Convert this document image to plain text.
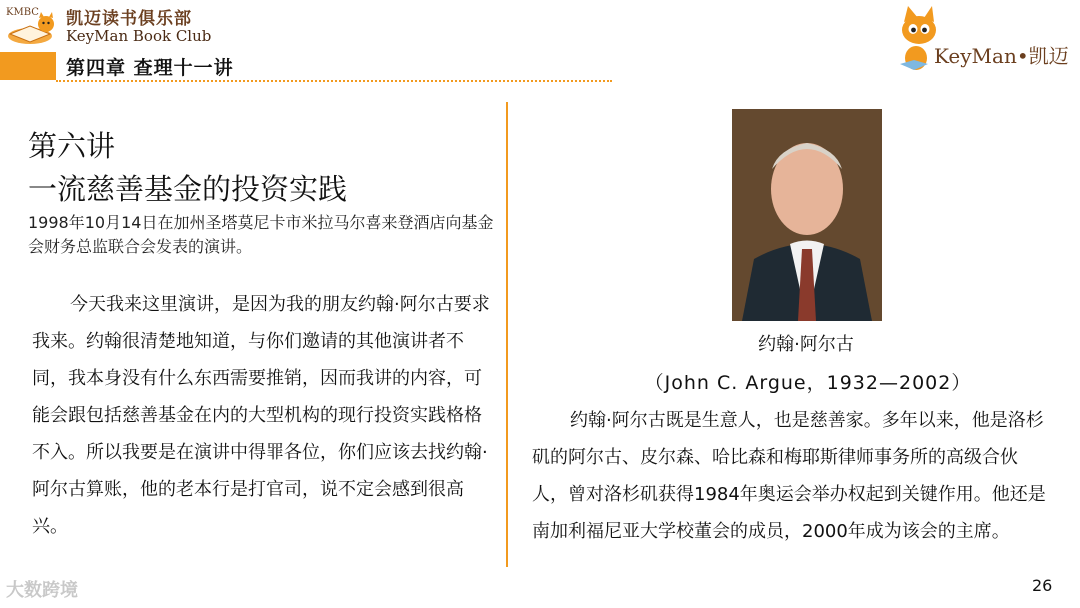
KMBC 凯迈读书俱乐部
KeyMan Book Club
第四章 查理十一讲	KeyMan•凯迈
第六讲
一流慈善基金的投资实践
1998年10月14日在加州圣塔莫尼卡市米拉马尔喜来登酒店向基金会财务总监联合会发表的演讲。

今天我来这里演讲，是因为我的朋友约翰·阿尔古要求我来。约翰很清楚地知道，与你们邀请的其他演讲者不同，我本身没有什么东西需要推销，因而我讲的内容，可能会跟包括慈善基金在内的大型机构的现行投资实践格格不入。所以我要是在演讲中得罪各位，你们应该去找约翰·阿尔古算账，他的老本行是打官司，说不定会感到很高兴。

约翰·阿尔古
（John C. Argue，1932—2002）

约翰·阿尔古既是生意人，也是慈善家。多年以来，他是洛杉矶的阿尔古、皮尔森、哈比森和梅耶斯律师事务所的高级合伙人，曾对洛杉矶获得1984年奥运会举办权起到关键作用。他还是南加利福尼亚大学校董会的成员，2000年成为该会的主席。

大数跨境	26
